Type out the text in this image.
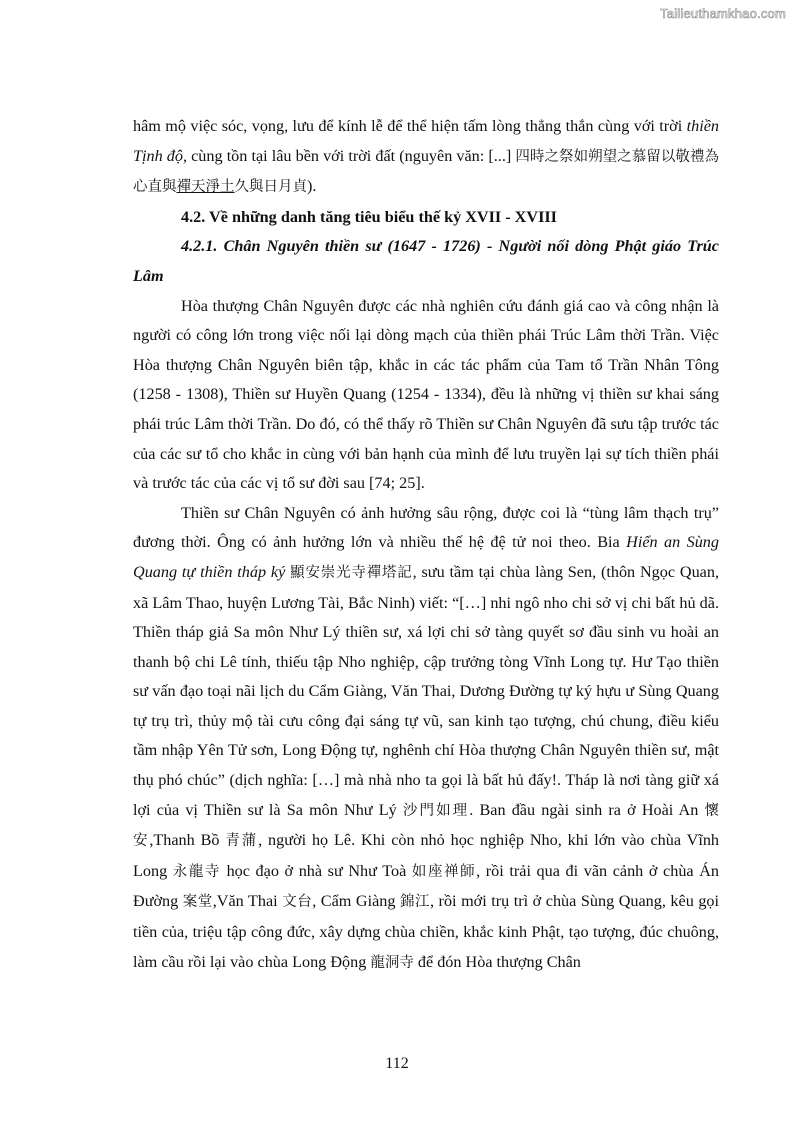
Tailieuthamkhao.com

hâm mộ việc sóc, vọng, lưu để kính lễ để thể hiện tấm lòng thẳng thắn cùng với trời thiền Tịnh độ, cùng tồn tại lâu bền với trời đất (nguyên văn: [...] 四時之祭如朔望之慕留以敬禮為心直與禪天淨土久與日月貞).

4.2. Về những danh tăng tiêu biểu thế kỷ XVII - XVIII

4.2.1. Chân Nguyên thiền sư (1647 - 1726) - Người nối dòng Phật giáo Trúc Lâm

Hòa thượng Chân Nguyên được các nhà nghiên cứu đánh giá cao và công nhận là người có công lớn trong việc nối lại dòng mạch của thiền phái Trúc Lâm thời Trần. Việc Hòa thượng Chân Nguyên biên tập, khắc in các tác phẩm của Tam tổ Trần Nhân Tông (1258 - 1308), Thiền sư Huyền Quang (1254 - 1334), đều là những vị thiền sư khai sáng phái trúc Lâm thời Trần. Do đó, có thể thấy rõ Thiền sư Chân Nguyên đã sưu tập trước tác của các sư tổ cho khắc in cùng với bản hạnh của mình để lưu truyền lại sự tích thiền phái và trước tác của các vị tổ sư đời sau [74; 25].

Thiền sư Chân Nguyên có ảnh hưởng sâu rộng, được coi là “tùng lâm thạch trụ” đương thời. Ông có ảnh hưởng lớn và nhiều thế hệ đệ tử noi theo. Bia Hiển an Sùng Quang tự thiền tháp ký 顯安崇光寺禪塔記, sưu tầm tại chùa làng Sen, (thôn Ngọc Quan, xã Lâm Thao, huyện Lương Tài, Bắc Ninh) viết: “[…] nhi ngô nho chi sở vị chi bất hủ dã. Thiền tháp giả Sa môn Như Lý thiền sư, xá lợi chi sở tàng quyết sơ đầu sinh vu hoài an thanh bộ chi Lê tính, thiếu tập Nho nghiệp, cập trưởng tòng Vĩnh Long tự. Hư Tạo thiền sư vấn đạo toại nãi lịch du Cẩm Giàng, Văn Thai, Dương Đường tự ký hựu ư Sùng Quang tự trụ trì, thủy mộ tài cưu công đại sáng tự vũ, san kinh tạo tượng, chú chung, điều kiểu tầm nhập Yên Tử sơn, Long Động tự, nghênh chí Hòa thượng Chân Nguyên thiền sư, mật thụ phó chúc” (dịch nghĩa: […] mà nhà nho ta gọi là bất hủ đấy!. Tháp là nơi tàng giữ xá lợi của vị Thiền sư là Sa môn Như Lý 沙門如理. Ban đầu ngài sinh ra ở Hoài An 懷安,Thanh Bồ 青蒲, người họ Lê. Khi còn nhỏ học nghiệp Nho, khi lớn vào chùa Vĩnh Long 永龍寺 học đạo ở nhà sư Như Toà 如座禅師, rồi trải qua đi vãn cảnh ở chùa Án Đường 案堂,Văn Thai 文台, Cẩm Giàng 錦江, rồi mới trụ trì ở chùa Sùng Quang, kêu gọi tiền của, triệu tập công đức, xây dựng chùa chiền, khắc kinh Phật, tạo tượng, đúc chuông, làm cầu rồi lại vào chùa Long Động 龍洞寺 để đón Hòa thượng Chân

112
